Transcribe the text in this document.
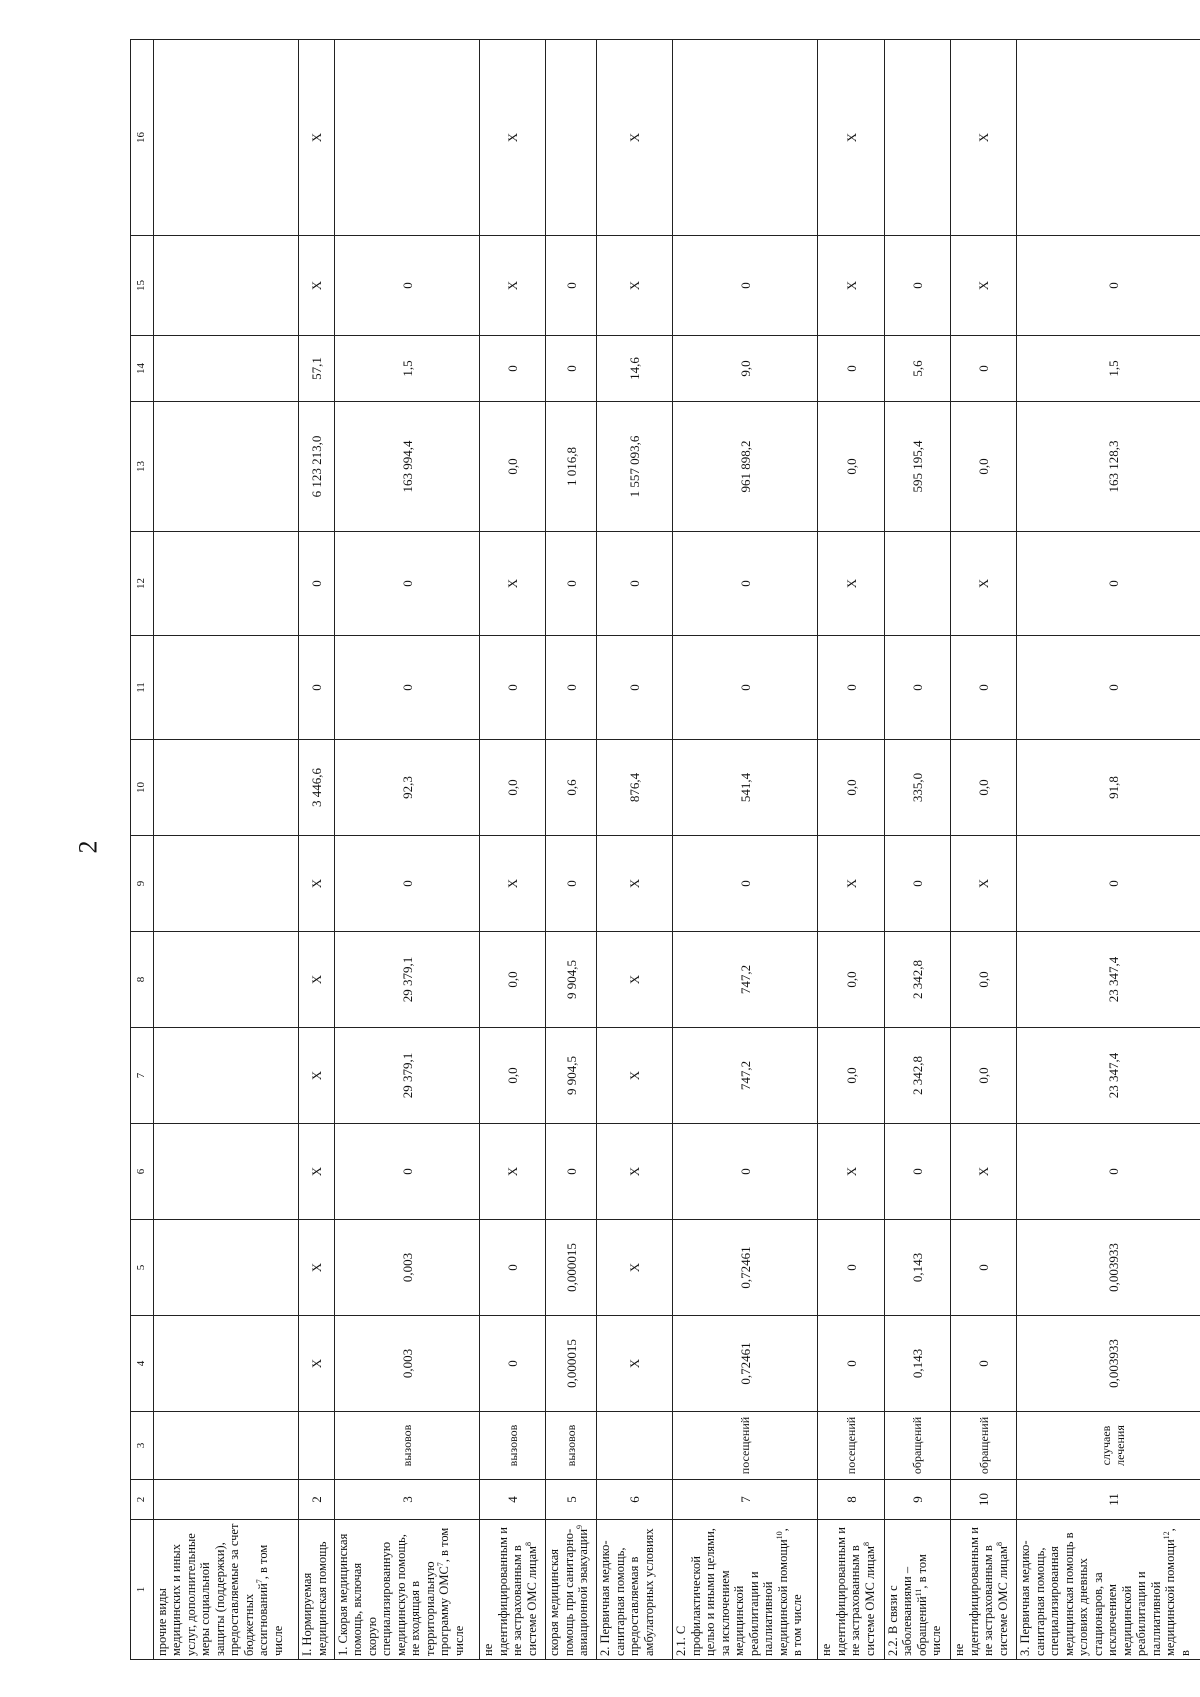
2
1	2	3	4	5	6	7	8	9	10	11	12	13	14	15	16
прочие виды медицинских и иных услуг, дополнительные меры социальной защиты (поддержки), предоставляемые за счет бюджетных ассигнований$^7$, в том числе															
I. Нормируемая медицинская помощь	2		X	X	X	X	X	X	3 446,6	0	0	6 123 213,0	57,1	X	X
1. Скорая медицинская помощь, включая скорую специализированную медицинскую помощь, не входящая в территориальную программу ОМС$^7$, в том числе	3	вызовов	0,003	0,003	0	29 379,1	29 379,1	0	92,3	0	0	163 994,4	1,5	0	
не идентифицированным и не застрахованным в системе ОМС лицам$^8$	4	вызовов	0	0	X	0,0	0,0	X	0,0	0	X	0,0	0	X	X
скорая медицинская помощь при санитарно-авиационной эвакуации$^9$	5	вызовов	0,000015	0,000015	0	9 904,5	9 904,5	0	0,6	0	0	1 016,8	0	0	
2. Первичная медико-санитарная помощь, предоставляемая в амбулаторных условиях	6		X	X	X	X	X	X	876,4	0	0	1 557 093,6	14,6	X	X
2.1. С профилактической целью и иными целями, за исключением медицинской реабилитации и паллиативной медицинской помощи$^{10}$, в том числе	7	посещений	0,72461	0,72461	0	747,2	747,2	0	541,4	0	0	961 898,2	9,0	0	
не идентифицированным и не застрахованным в системе ОМС лицам$^8$	8	посещений	0	0	X	0,0	0,0	X	0,0	0	X	0,0	0	X	X
2.2. В связи с заболеваниями – обращений$^{11}$, в том числе	9	обращений	0,143	0,143	0	2 342,8	2 342,8	0	335,0	0		595 195,4	5,6	0	
не идентифицированным и не застрахованным в системе ОМС лицам$^8$	10	обращений	0	0	X	0,0	0,0	X	0,0	0	X	0,0	0	X	X
3. Первичная медико-санитарная помощь, специализированная медицинская помощь в условиях дневных стационаров, за исключением медицинской реабилитации и паллиативной медицинской помощи$^{12}$, в	11	случаев лечения	0,003933	0,003933	0	23 347,4	23 347,4	0	91,8	0	0	163 128,3	1,5	0	
